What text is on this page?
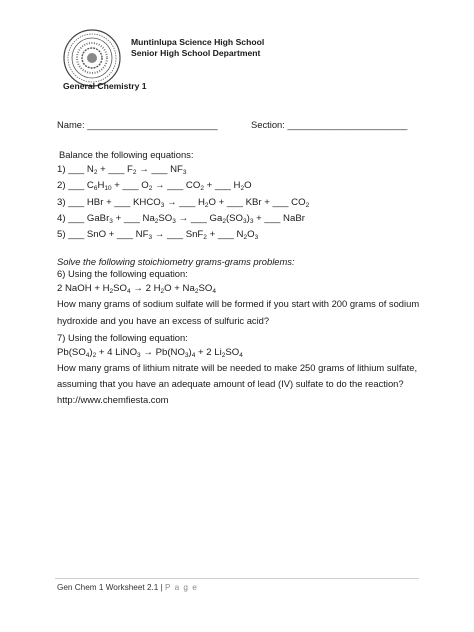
Muntinlupa Science High School
Senior High School Department
General Chemistry 1
Name: _________________________	Section: _______________________
Balance the following equations:
1) ___ $N_2$ + ___ $F_2$ → ___ $NF_3$
2) ___ $C_6H_{10}$ + ___ $O_2$ → ___ $CO_2$ + ___ $H_2O$
3) ___ HBr + ___ $KHCO_3$ → ___ $H_2O$ + ___ KBr + ___ $CO_2$
4) ___ GaBr$_3$ + ___ $Na_2SO_3$ → ___ $Ga_2(SO_3)_3$ + ___ NaBr
5) ___ SnO + ___ $NF_3$ → ___ SnF$_2$ + ___ $N_2O_3$
Solve the following stoichiometry grams-grams problems:
6) Using the following equation:
2 NaOH + $H_2SO_4 \to 2$ $H_2O + Na_2SO_4$
How many grams of sodium sulfate will be formed if you start with 200 grams of sodium
hydroxide and you have an excess of sulfuric acid?
7) Using the following equation:
$Pb(SO_4)_2 + 4$ LiNO$_3$ → $Pb(NO_3)_4 + 2$ $Li_2SO_4$
How many grams of lithium nitrate will be needed to make 250 grams of lithium sulfate,
assuming that you have an adequate amount of lead (IV) sulfate to do the reaction?
http://www.chemfiesta.com
Gen Chem 1 Worksheet 2.1 | P a g e
